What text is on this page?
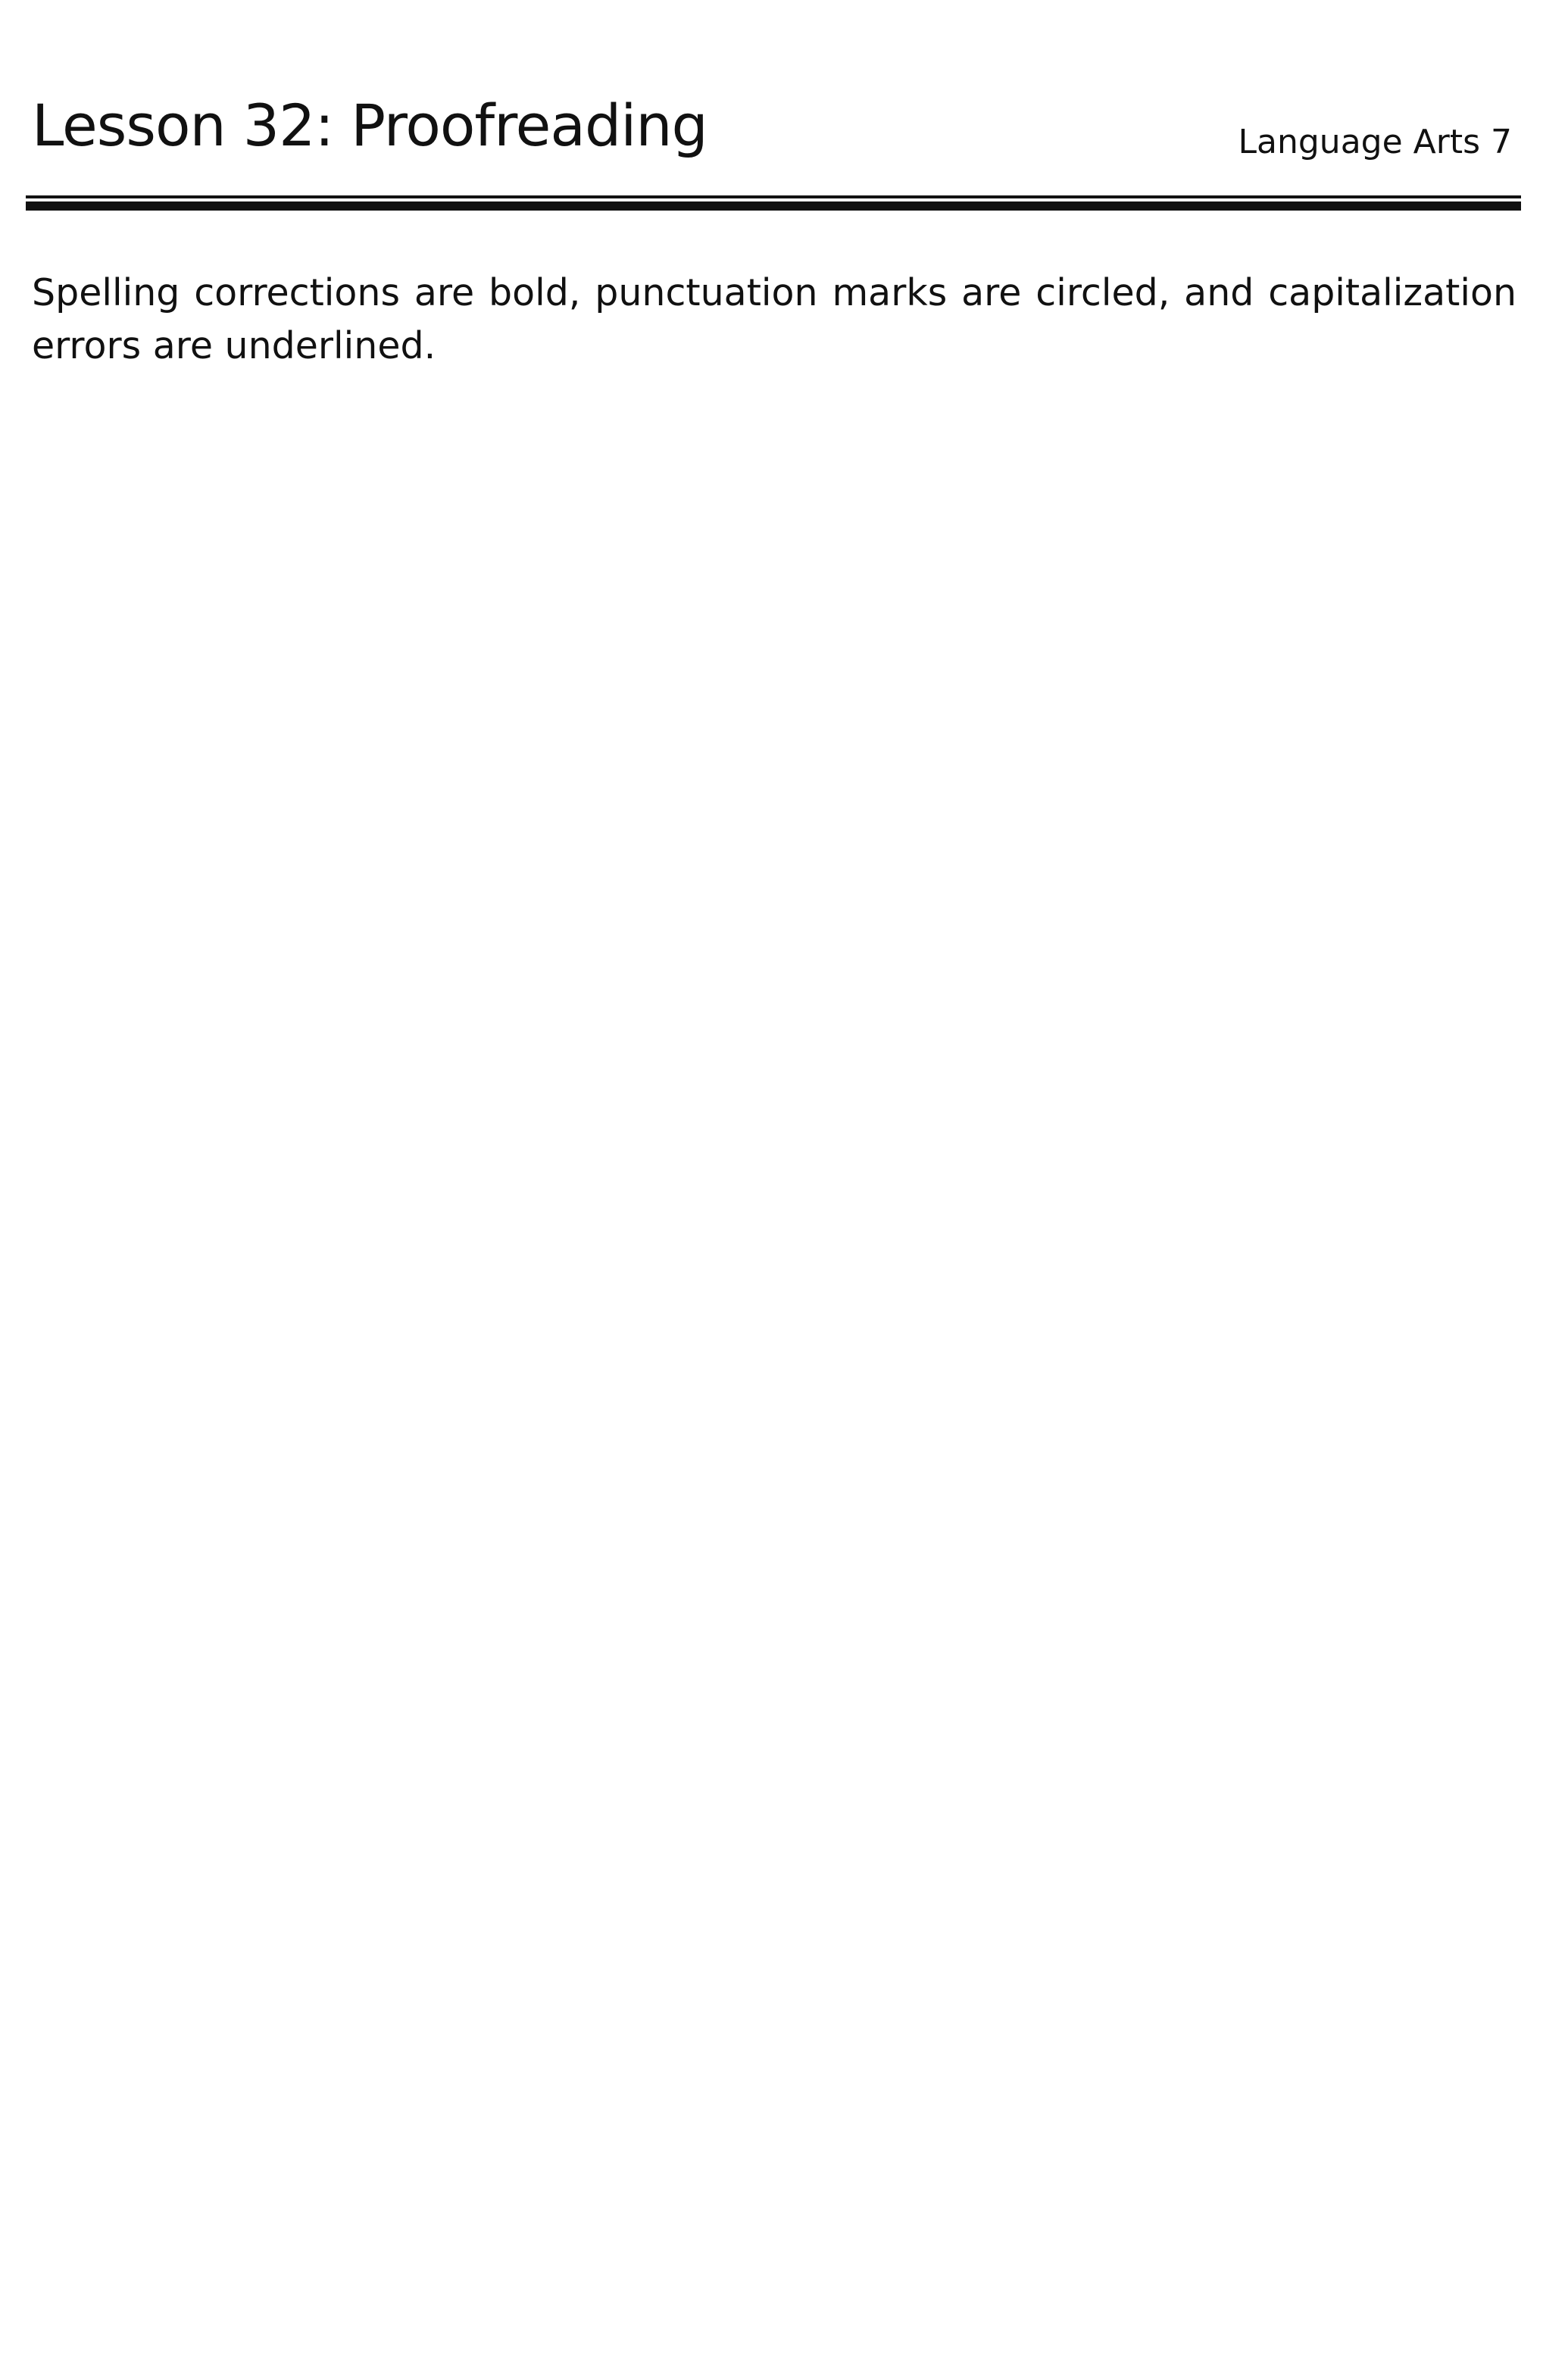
Lesson 32: Proofreading	Language Arts 7
Spelling corrections are bold, punctuation marks are circled, and capitalization errors are underlined.
